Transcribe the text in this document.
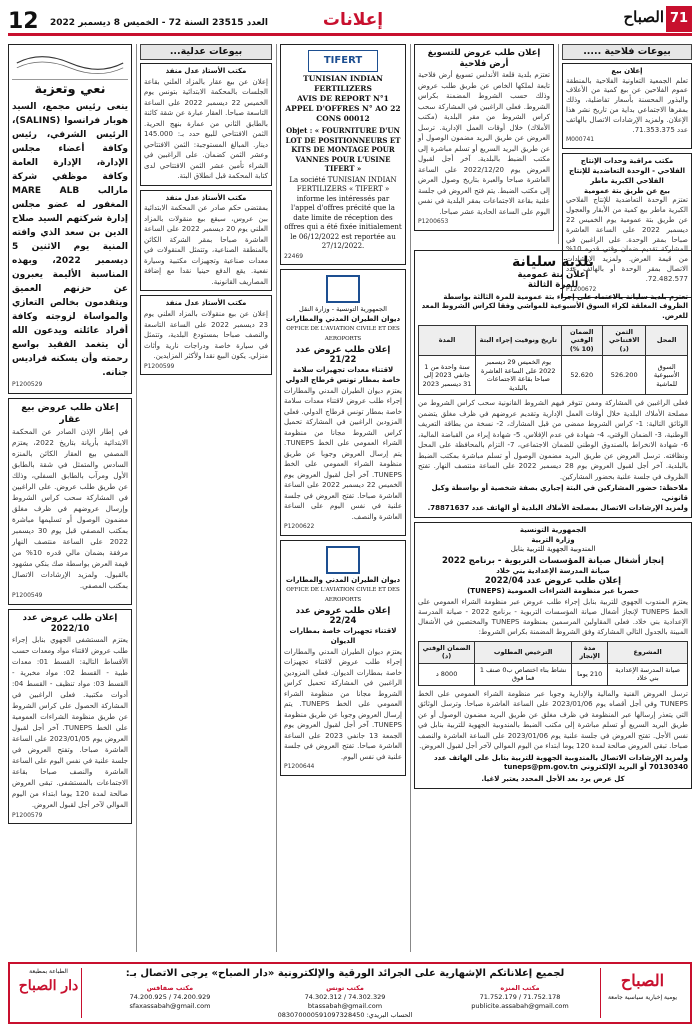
12 العدد 23515 السنة 72 - الخميس 8 ديسمبر 2022	إعلانات	71
الصباح
نعي وتعزية
ينعى رئيس مجمع، السيد هوبار فرانسوا (SALINS)، الرئيس الشرفي، رئيس وكافة أعضاء مجلس الإدارة، الإدارة العامة وكافة موظفي شركة مارالب MARE ALB المغفور له عضو مجلس إدارة شركتهم السيد صلاح الدين بن سعد الذي وافته المنية يوم الاثنين 5 ديسمبر 2022، وبهذه المناسبة الأليمة يعبرون عن حزنهم العميق ويتقدمون بخالص التعازي والمواساة لزوجته وكافة أفراد عائلته ويدعون الله أن يتغمد الفقيد بواسع رحمته وأن يسكنه فراديس جنانه.
P1200529
إعلان طلب عروض بيع عقار
في إطار الإذن الصادر عن المحكمة الابتدائية بأريانة بتاريخ 2022، يعتزم المصفي بيع العقار الكائن بالمنزه السادس والمتمثل في شقة بالطابق الأول ومرآب بالطابق السفلي، وذلك عن طريق طلب عروض. على الراغبين في المشاركة سحب كراس الشروط وإرسال عروضهم في ظرف مغلق مضمون الوصول أو تسليمها مباشرة بمكتب المصفي قبل يوم 30 ديسمبر 2022 على الساعة منتصف النهار مرفقة بضمان مالي قدره 10% من قيمة العرض بواسطة صك بنكي مشهود بالقبول. ولمزيد الإرشادات الاتصال بمكتب المصفي.
P1200549
إعلان طلب عروض عدد 2022/10
يعتزم المستشفى الجهوي بنابل إجراء طلب عروض لاقتناء مواد ومعدات حسب الأقساط التالية: القسط 01: معدات طبية - القسط 02: مواد مخبرية - القسط 03: مواد تنظيف - القسط 04: أدوات مكتبية. فعلى الراغبين في المشاركة الحصول على كراس الشروط عن طريق منظومة الشراءات العمومية على الخط TUNEPS. آخر أجل لقبول العروض يوم 2023/01/05 على الساعة العاشرة صباحا. وتفتح العروض في جلسة علنية في نفس اليوم على الساعة العاشرة والنصف صباحا بقاعة الاجتماعات بالمستشفى. تبقى العروض صالحة لمدة 120 يوما ابتداء من اليوم الموالي لآخر أجل لقبول العروض.
P1200579
بيوعات عدلية...
مكتب الأستاذ عدل منفذ
إعلان عن بيع عقار بالمزاد العلني بقاعة الجلسات بالمحكمة الابتدائية بتونس يوم الخميس 22 ديسمبر 2022 على الساعة التاسعة صباحا. العقار عبارة عن شقة كائنة بالطابق الثاني من عمارة بنهج الحرية. الثمن الافتتاحي للبيع حدد بـ: 145.000 دينار. المبالغ المستوجبة: الثمن الافتتاحي وعشر الثمن كضمان. على الراغبين في الشراء تأمين عشر الثمن الافتتاحي لدى كتابة المحكمة قبل انطلاق البتة.
مكتب الأستاذ عدل منفذ
بمقتضى حكم صادر عن المحكمة الابتدائية ببن عروس، سيقع بيع منقولات بالمزاد العلني يوم 20 ديسمبر 2022 على الساعة العاشرة صباحا بمقر الشركة الكائن بالمنطقة الصناعية، وتتمثل المنقولات في معدات صناعية وتجهيزات مكتبية وسيارة نفعية. يقع الدفع حينيا نقدا مع إضافة المصاريف القانونية.
مكتب الأستاذ عدل منفذ
إعلان عن بيع منقولات بالمزاد العلني يوم 23 ديسمبر 2022 على الساعة التاسعة والنصف صباحا بمستودع البلدية، وتتمثل في سيارة خاصة ودراجات نارية وأثاث منزلي. يكون البيع نقدا ولأكثر المزايدين.
P1200599
TIFERT
TUNISIAN INDIAN FERTILIZERS
AVIS DE REPORT N°1 APPEL D'OFFRES N° AO 22 CONS 00012
Objet : « FOURNITURE D'UN LOT DE POSITIONNEURS ET KITS DE MONTAGE POUR VANNES POUR L'USINE TIFERT »
La société TUNISIAN INDIAN FERTILIZERS « TIFERT » informe les intéressés par l'appel d'offres précité que la date limite de réception des offres qui a été fixée initialement le 06/12/2022 est reportée au 27/12/2022.
22469
الجمهورية التونسية - وزارة النقل
ديوان الطيران المدني والمطارات
OFFICE DE L'AVIATION CIVILE ET DES AEROPORTS
إعلان طلب عروض عدد 21/22
لاقتناء معدات تجهيزات سلامة خاصة بمطار تونس قرطاج الدولي
يعتزم ديوان الطيران المدني والمطارات إجراء طلب عروض لاقتناء معدات سلامة خاصة بمطار تونس قرطاج الدولي. فعلى المزودين الراغبين في المشاركة تحميل كراس الشروط مجانا من منظومة الشراء العمومي على الخط TUNEPS. يتم إرسال العروض وجوبا عن طريق منظومة الشراء العمومي على الخط TUNEPS. آخر أجل لقبول العروض يوم الخميس 22 ديسمبر 2022 على الساعة العاشرة صباحا. تفتح العروض في جلسة علنية في نفس اليوم على الساعة العاشرة والنصف.
P1200622
ديوان الطيران المدني والمطارات
OFFICE DE L'AVIATION CIVILE ET DES AEROPORTS
إعلان طلب عروض عدد 22/24
لاقتناء تجهيزات خاصة بمطارات الديوان
يعتزم ديوان الطيران المدني والمطارات إجراء طلب عروض لاقتناء تجهيزات خاصة بمطارات الديوان. فعلى المزودين الراغبين في المشاركة تحميل كراس الشروط مجانا من منظومة الشراء العمومي على الخط TUNEPS. يتم إرسال العروض وجوبا عن طريق منظومة TUNEPS. آخر أجل لقبول العروض يوم الجمعة 13 جانفي 2023 على الساعة العاشرة صباحا. تفتح العروض في جلسة علنية في نفس اليوم.
P1200644
إعلان طلب عروض للتسويغ أرض فلاحية
تعتزم بلدية قلعة الأندلس تسويغ أرض فلاحية تابعة لملكها الخاص عن طريق طلب عروض وذلك حسب الشروط المضمنة بكراس الشروط. فعلى الراغبين في المشاركة سحب كراس الشروط من مقر البلدية (مكتب الأملاك) خلال أوقات العمل الإدارية. ترسل العروض عن طريق البريد مضمون الوصول أو عن طريق البريد السريع أو تسلم مباشرة إلى مكتب الضبط بالبلدية. آخر أجل لقبول العروض يوم 2022/12/20 على الساعة العاشرة صباحا والعبرة بتاريخ وصول العرض إلى مكتب الضبط. يتم فتح العروض في جلسة علنية بقاعة الاجتماعات بمقر البلدية في نفس اليوم على الساعة الحادية عشر صباحا.
P1200653
بيوعات فلاحية .....
إعلان بيع
تعلم الجمعية التعاونية الفلاحية بالمنطقة عموم الفلاحين عن بيع كمية من الأعلاف والبذور المحسنة بأسعار تفاضلية، وذلك بمقرها الاجتماعي بداية من تاريخ نشر هذا الإعلان. ولمزيد الإرشادات الاتصال بالهاتف عدد 71.353.375.
M000741
مكتب مراقبة وحدات الإنتاج الفلاحي - الوحدة التعاضدية للإنتاج الفلاحي الكبرية ماطر
بيع عن طريق بتة عمومية
تعتزم الوحدة التعاضدية للإنتاج الفلاحي الكبرية ماطر بيع كمية من الأبقار والعجول عن طريق بتة عمومية يوم الخميس 22 ديسمبر 2022 على الساعة العاشرة صباحا بمقر الوحدة. على الراغبين في المشاركة تقديم ضمان وقتي قدره 10% من قيمة العرض. ولمزيد الإرشادات الاتصال بمقر الوحدة أو بالهاتف عدد 72.482.577.
P1200672
بلدية سليانة
إعلان بتة عمومية
للمرة الثالثة
تعتزم بلدية سليانة بالاعتماد على إجراء بتة عمومية للمرة الثالثة بواسطة الظروف المغلقة لكراء السوق الأسبوعية للمواشي وفقا لكراس الشروط المعد للغرض.
المحل	الثمن الافتتاحي (د)	الضمان الوقتي (10 %)	تاريخ ونوقيت إجراء البتة	المدة
السوق الأسبوعية للماشية	526.200	52.620	يوم الخميس 29 ديسمبر 2022 على الساعة العاشرة صباحا بقاعة الاجتماعات بالبلدية	سنة واحدة من 1 جانفي 2023 إلى 31 ديسمبر 2023
فعلى الراغبين في المشاركة وممن تتوفر فيهم الشروط القانونية سحب كراس الشروط من مصلحة الأملاك البلدية خلال أوقات العمل الإدارية وتقديم عروضهم في ظرف مغلق يتضمن الوثائق التالية: 1- كراس الشروط ممضى من قبل المشارك، 2- نسخة من بطاقة التعريف الوطنية، 3- الضمان الوقتي، 4- شهادة في عدم الإفلاس، 5- شهادة إبراء من القباضة المالية، 6- شهادة الانخراط بالصندوق الوطني للضمان الاجتماعي، 7- التزام بالمحافظة على المحل ونظافته. ترسل العروض عن طريق البريد مضمون الوصول أو تسلم مباشرة بمكتب الضبط بالبلدية. آخر أجل لقبول العروض يوم 28 ديسمبر 2022 على الساعة منتصف النهار. تفتح الظروف في جلسة علنية بحضور المشاركين.
ملاحظة: حضور المشاركين في البتة إجباري بصفة شخصية أو بواسطة وكيل قانوني.
ولمزيد الإرشادات الاتصال بمصلحة الأملاك البلدية أو الهاتف عدد 78871637.
الجمهورية التونسية
وزارة التربية
المندوبية الجهوية للتربية بنابل
إنجاز أشغال صيانة المؤسسات التربوية - برنامج 2022
صيانة المدرسة الإعدادية بني خلاد
إعلان طلب عروض عدد 2022/04
حصريا عبر منظومة الشراءات العمومية (TUNEPS)
يعتزم المندوب الجهوي للتربية بنابل إجراء طلب عروض عبر منظومة الشراء العمومي على الخط TUNEPS لإنجاز أشغال صيانة المؤسسات التربوية - برنامج 2022 - صيانة المدرسة الإعدادية بني خلاد. فعلى المقاولين المرسمين بمنظومة TUNEPS والمختصين في الأشغال المبينة بالجدول التالي المشاركة وفق الشروط المضمنة بكراس الشروط:
المشروع	مدة الإنجاز	الترخيص المطلوب	الضمان الوقتي (د)
صيانة المدرسة الإعدادية بني خلاد	210 يوما	نشاط بناء اختصاص ب0 صنف 1 فما فوق	8000 د
ترسل العروض الفنية والمالية والإدارية وجوبا عبر منظومة الشراء العمومي على الخط TUNEPS وفي أجل أقصاه يوم 2023/01/06 على الساعة العاشرة صباحا. وترسل الوثائق التي يتعذر إرسالها عبر المنظومة في ظرف مغلق عن طريق البريد مضمون الوصول أو عن طريق البريد السريع أو تسلم مباشرة إلى مكتب الضبط بالمندوبية الجهوية للتربية بنابل في نفس الأجل. تفتح العروض في جلسة علنية يوم 2023/01/06 على الساعة العاشرة والنصف صباحا. تبقى العروض صالحة لمدة 120 يوما ابتداء من اليوم الموالي لآخر أجل لقبول العروض.
ولمزيد الإرشادات الاتصال بالمندوبية الجهوية للتربية بنابل على الهاتف عدد 70130340 أو البريد الإلكتروني tuneps@pm.gov.tn
كل عرض يرد بعد الأجل المحدد يعتبر لاغيا.
الصباح
يومية إخبارية سياسية جامعة
لجميع إعلاناتكم الإشهارية على الجرائد الورقية والإلكترونية «دار الصباح» يرجى الاتصال بـ:
مكتب المنزه
71.752.179 / 71.752.178
publicite.assabah@gmail.com
مكتب تونس
74.302.312 / 74.302.329
btassabah@gmail.com
مكتب صفاقس
74.200.925 / 74.200.929
sfaxassabah@gmail.com
الحساب البريدي: 083070000591097328450
الطباعة بمطبعة
دار الصباح
